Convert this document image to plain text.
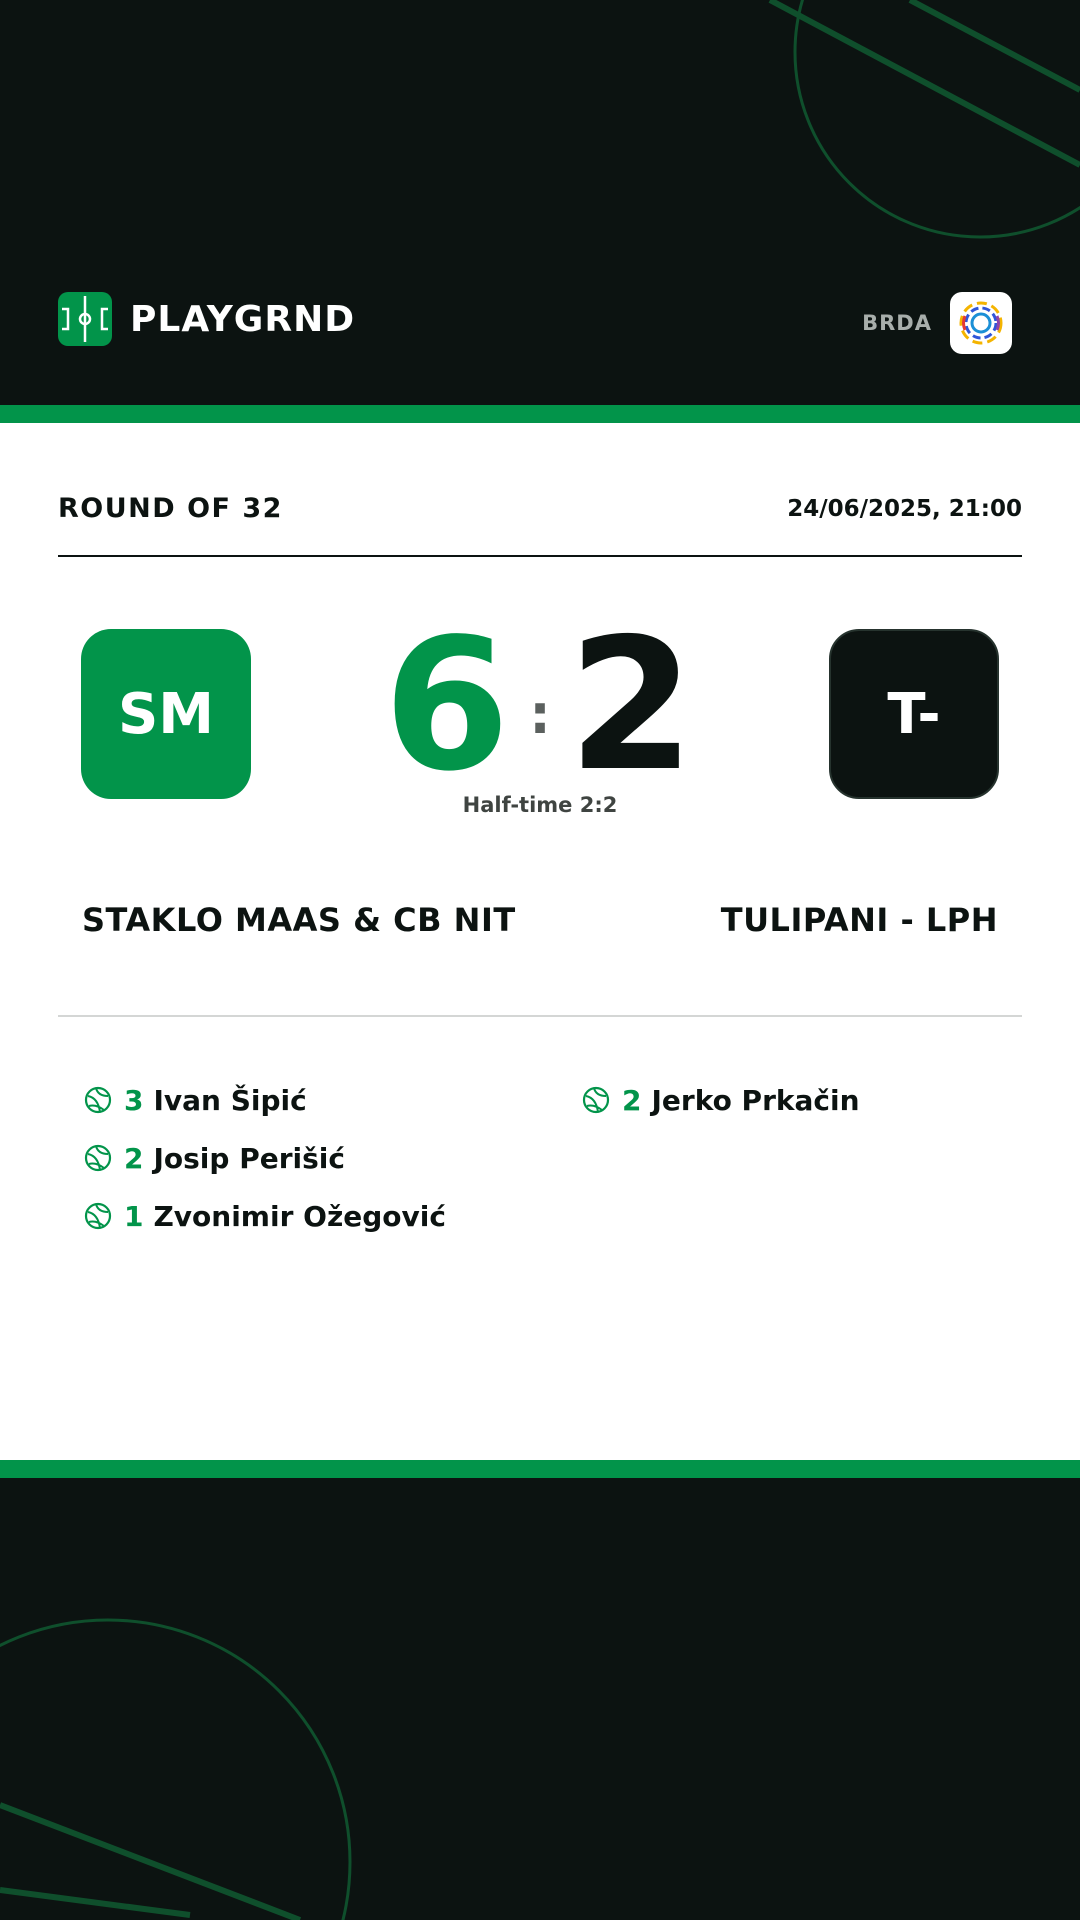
PLAYGRND	BRDA
ROUND OF 32	24/06/2025, 21:00
SM 6 : 2	T-
Half-time 2:2
STAKLO MAAS & CB NIT	TULIPANI - LPH
3 Ivan Šipić
2 Josip Perišić
1 Zvonimir Ožegović
2 Jerko Prkačin
